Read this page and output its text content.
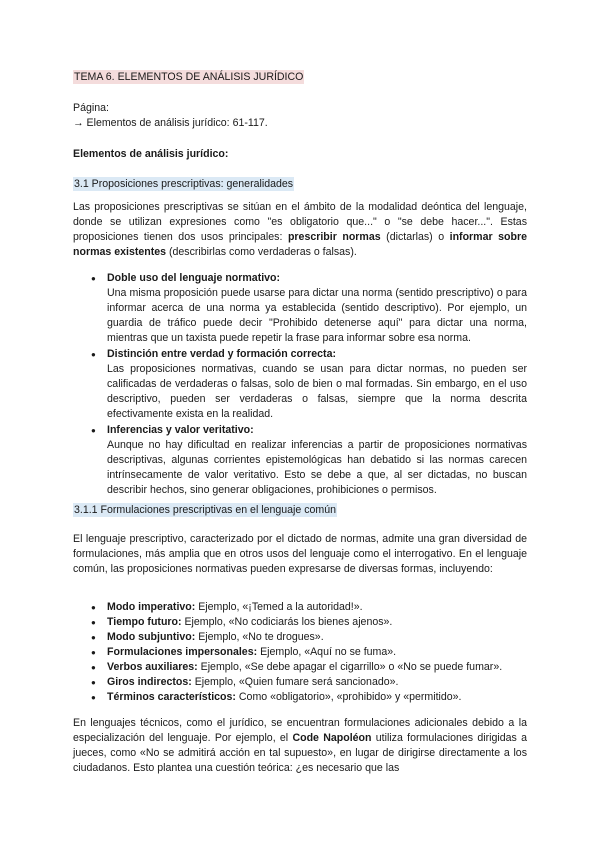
TEMA 6. ELEMENTOS DE ANÁLISIS JURÍDICO
Página:
→ Elementos de análisis jurídico: 61-117.
Elementos de análisis jurídico:
3.1 Proposiciones prescriptivas: generalidades

Las proposiciones prescriptivas se sitúan en el ámbito de la modalidad deóntica del lenguaje, donde se utilizan expresiones como "es obligatorio que..." o "se debe hacer...". Estas proposiciones tienen dos usos principales: prescribir normas (dictarlas) o informar sobre normas existentes (describirlas como verdaderas o falsas).

● Doble uso del lenguaje normativo:
Una misma proposición puede usarse para dictar una norma (sentido prescriptivo) o para informar acerca de una norma ya establecida (sentido descriptivo). Por ejemplo, un guardia de tráfico puede decir "Prohibido detenerse aquí" para dictar una norma, mientras que un taxista puede repetir la frase para informar sobre esa norma.
● Distinción entre verdad y formación correcta:
Las proposiciones normativas, cuando se usan para dictar normas, no pueden ser calificadas de verdaderas o falsas, solo de bien o mal formadas. Sin embargo, en el uso descriptivo, pueden ser verdaderas o falsas, siempre que la norma descrita efectivamente exista en la realidad.
● Inferencias y valor veritativo:
Aunque no hay dificultad en realizar inferencias a partir de proposiciones normativas descriptivas, algunas corrientes epistemológicas han debatido si las normas carecen intrínsecamente de valor veritativo. Esto se debe a que, al ser dictadas, no buscan describir hechos, sino generar obligaciones, prohibiciones o permisos.
3.1.1 Formulaciones prescriptivas en el lenguaje común

El lenguaje prescriptivo, caracterizado por el dictado de normas, admite una gran diversidad de formulaciones, más amplia que en otros usos del lenguaje como el interrogativo. En el lenguaje común, las proposiciones normativas pueden expresarse de diversas formas, incluyendo:

● Modo imperativo: Ejemplo, «¡Temed a la autoridad!».
● Tiempo futuro: Ejemplo, «No codiciarás los bienes ajenos».
● Modo subjuntivo: Ejemplo, «No te drogues».
● Formulaciones impersonales: Ejemplo, «Aquí no se fuma».
● Verbos auxiliares: Ejemplo, «Se debe apagar el cigarrillo» o «No se puede fumar».
● Giros indirectos: Ejemplo, «Quien fumare será sancionado».
● Términos característicos: Como «obligatorio», «prohibido» y «permitido».

En lenguajes técnicos, como el jurídico, se encuentran formulaciones adicionales debido a la especialización del lenguaje. Por ejemplo, el Code Napoléon utiliza formulaciones dirigidas a jueces, como «No se admitirá acción en tal supuesto», en lugar de dirigirse directamente a los ciudadanos. Esto plantea una cuestión teórica: ¿es necesario que las
